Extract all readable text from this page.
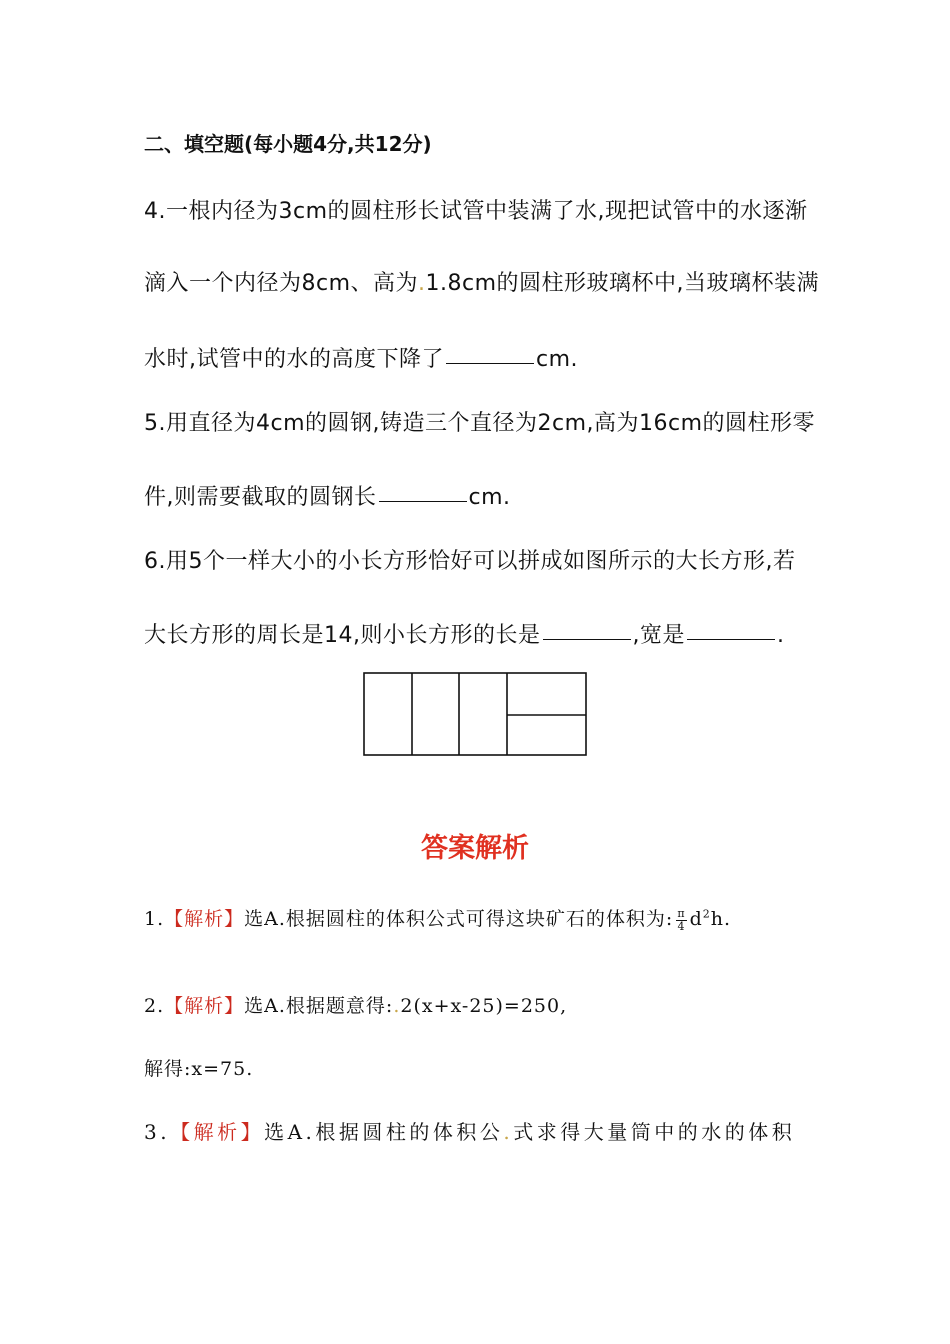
二、填空题(每小题4分,共12分)
4.一根内径为3cm的圆柱形长试管中装满了水,现把试管中的水逐渐
滴入一个内径为8cm、高为.1.8cm的圆柱形玻璃杯中,当玻璃杯装满
水时,试管中的水的高度下降了	cm.
5.用直径为4cm的圆钢,铸造三个直径为2cm,高为16cm的圆柱形零
件,则需要截取的圆钢长	cm.
6.用5个一样大小的小长方形恰好可以拼成如图所示的大长方形,若
大长方形的周长是14,则小长方形的长是	,宽是	.
答案解析
1.【解析】选A.根据圆柱的体积公式可得这块矿石的体积为: $\frac{\pi}{4} d^2h$.
2.【解析】选A.根据题意得:.2(x+x-25)=250,
解得:x=75.
3.【解析】选A.根据圆柱的体积公.式求得大量筒中的水的体积
